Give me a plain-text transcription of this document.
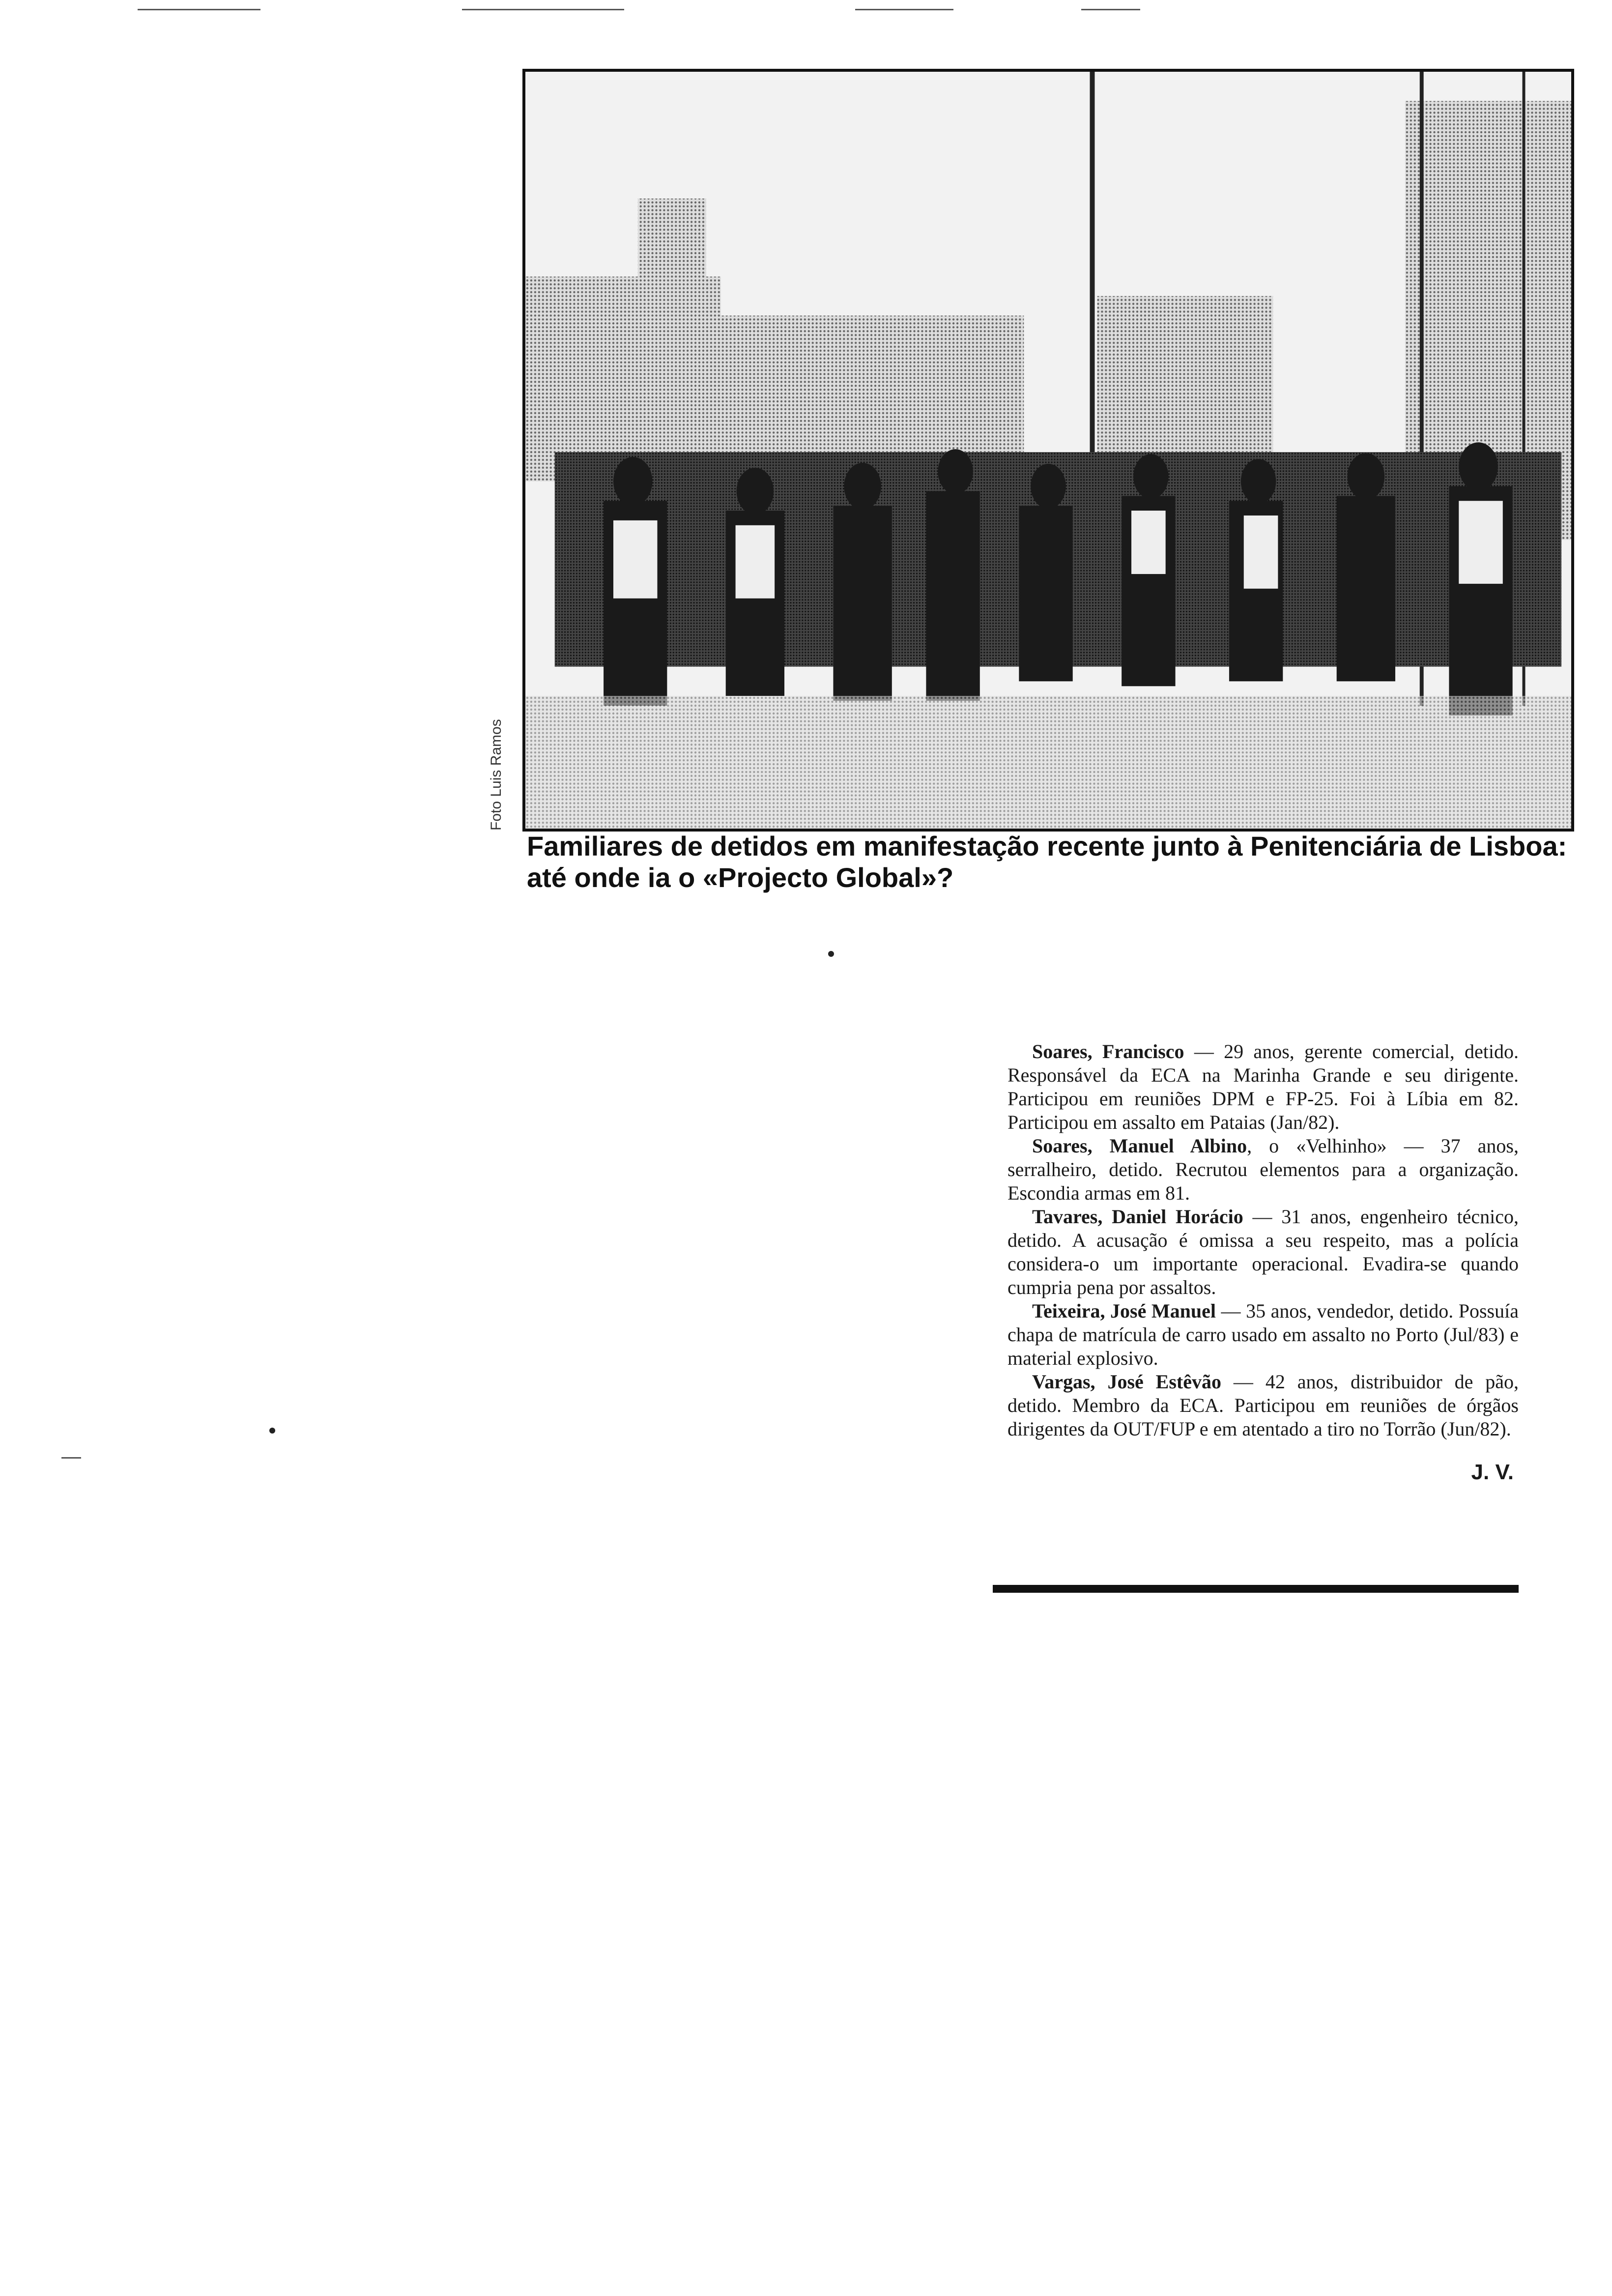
Foto Luis Ramos
Familiares de detidos em manifestação recente junto à Penitenciária de Lisboa:
até onde ia o «Projecto Global»?

Soares, Francisco — 29 anos, gerente comercial, detido. Responsável da ECA na Marinha Grande e seu dirigente. Participou em reuniões DPM e FP-25. Foi à Líbia em 82. Participou em assalto em Pataias (Jan/82).

Soares, Manuel Albino, o «Velhinho» — 37 anos, serralheiro, detido. Recrutou elementos para a organização. Escondia armas em 81.

Tavares, Daniel Horácio — 31 anos, engenheiro técnico, detido. A acusação é omissa a seu respeito, mas a polícia considera-o um importante operacional. Evadira-se quando cumpria pena por assaltos.

Teixeira, José Manuel — 35 anos, vendedor, detido. Possuía chapa de matrícula de carro usado em assalto no Porto (Jul/83) e material explosivo.

Vargas, José Estêvão — 42 anos, distribuidor de pão, detido. Membro da ECA. Participou em reuniões de órgãos dirigentes da OUT/FUP e em atentado a tiro no Torrão (Jun/82).

J. V.
